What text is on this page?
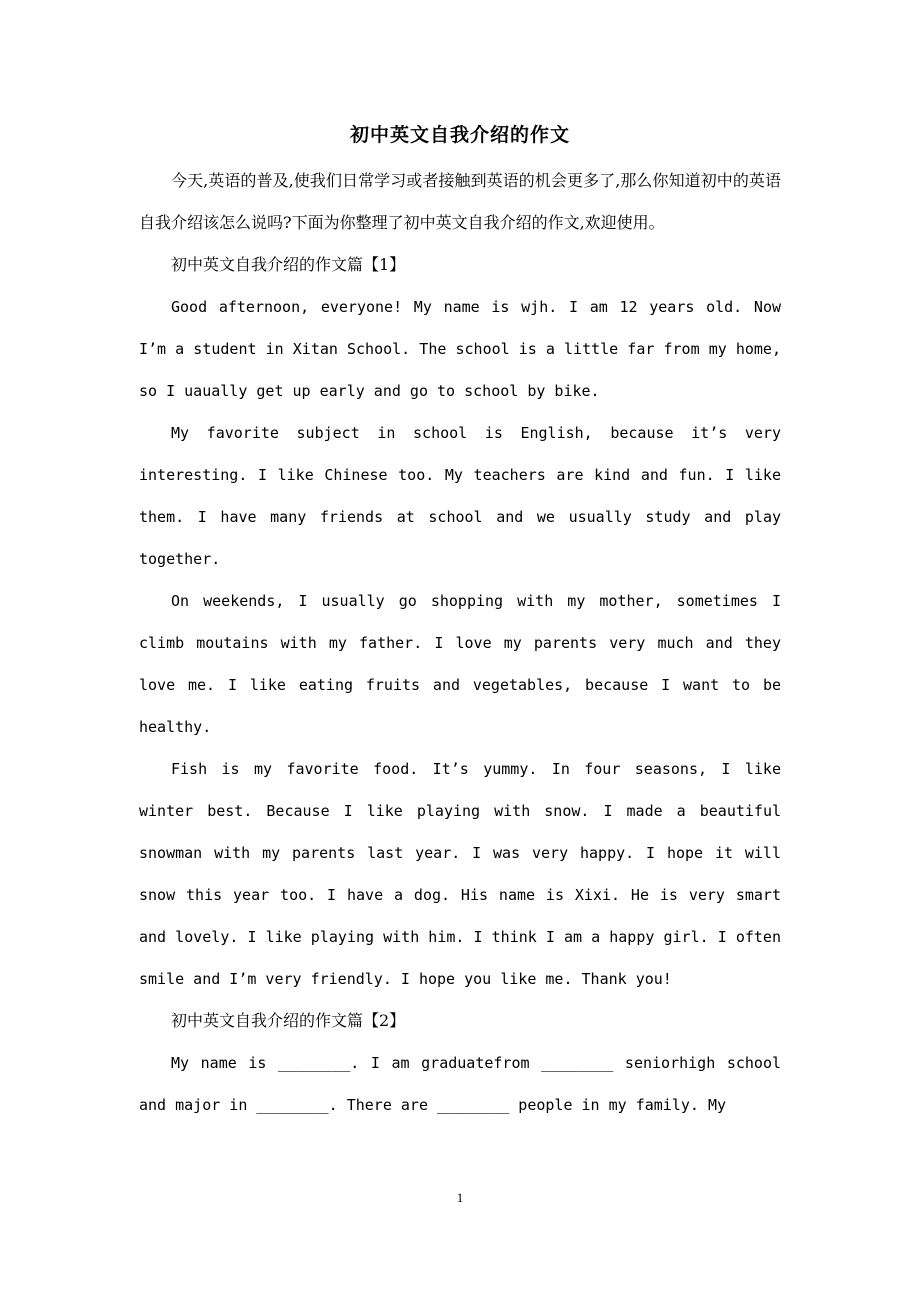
初中英文自我介绍的作文

今天,英语的普及,使我们日常学习或者接触到英语的机会更多了,那么你知道初中的英语自我介绍该怎么说吗?下面为你整理了初中英文自我介绍的作文,欢迎使用。

初中英文自我介绍的作文篇【1】

Good afternoon, everyone! My name is wjh. I am 12 years old. Now I’m a student in Xitan School. The school is a little far from my home, so I uaually get up early and go to school by bike.

My favorite subject in school is English, because it’s very interesting. I like Chinese too. My teachers are kind and fun. I like them. I have many friends at school and we usually study and play together.

On weekends, I usually go shopping with my mother, sometimes I climb moutains with my father. I love my parents very much and they love me. I like eating fruits and vegetables, because I want to be healthy.

Fish is my favorite food. It’s yummy. In four seasons, I like winter best. Because I like playing with snow. I made a beautiful snowman with my parents last year. I was very happy. I hope it will snow this year too. I have a dog. His name is Xixi. He is very smart and lovely. I like playing with him. I think I am a happy girl. I often smile and I’m very friendly. I hope you like me. Thank you!

初中英文自我介绍的作文篇【2】

My name is ________. I am graduatefrom ________ seniorhigh school and major in ________. There are ________ people in my family. My

1
